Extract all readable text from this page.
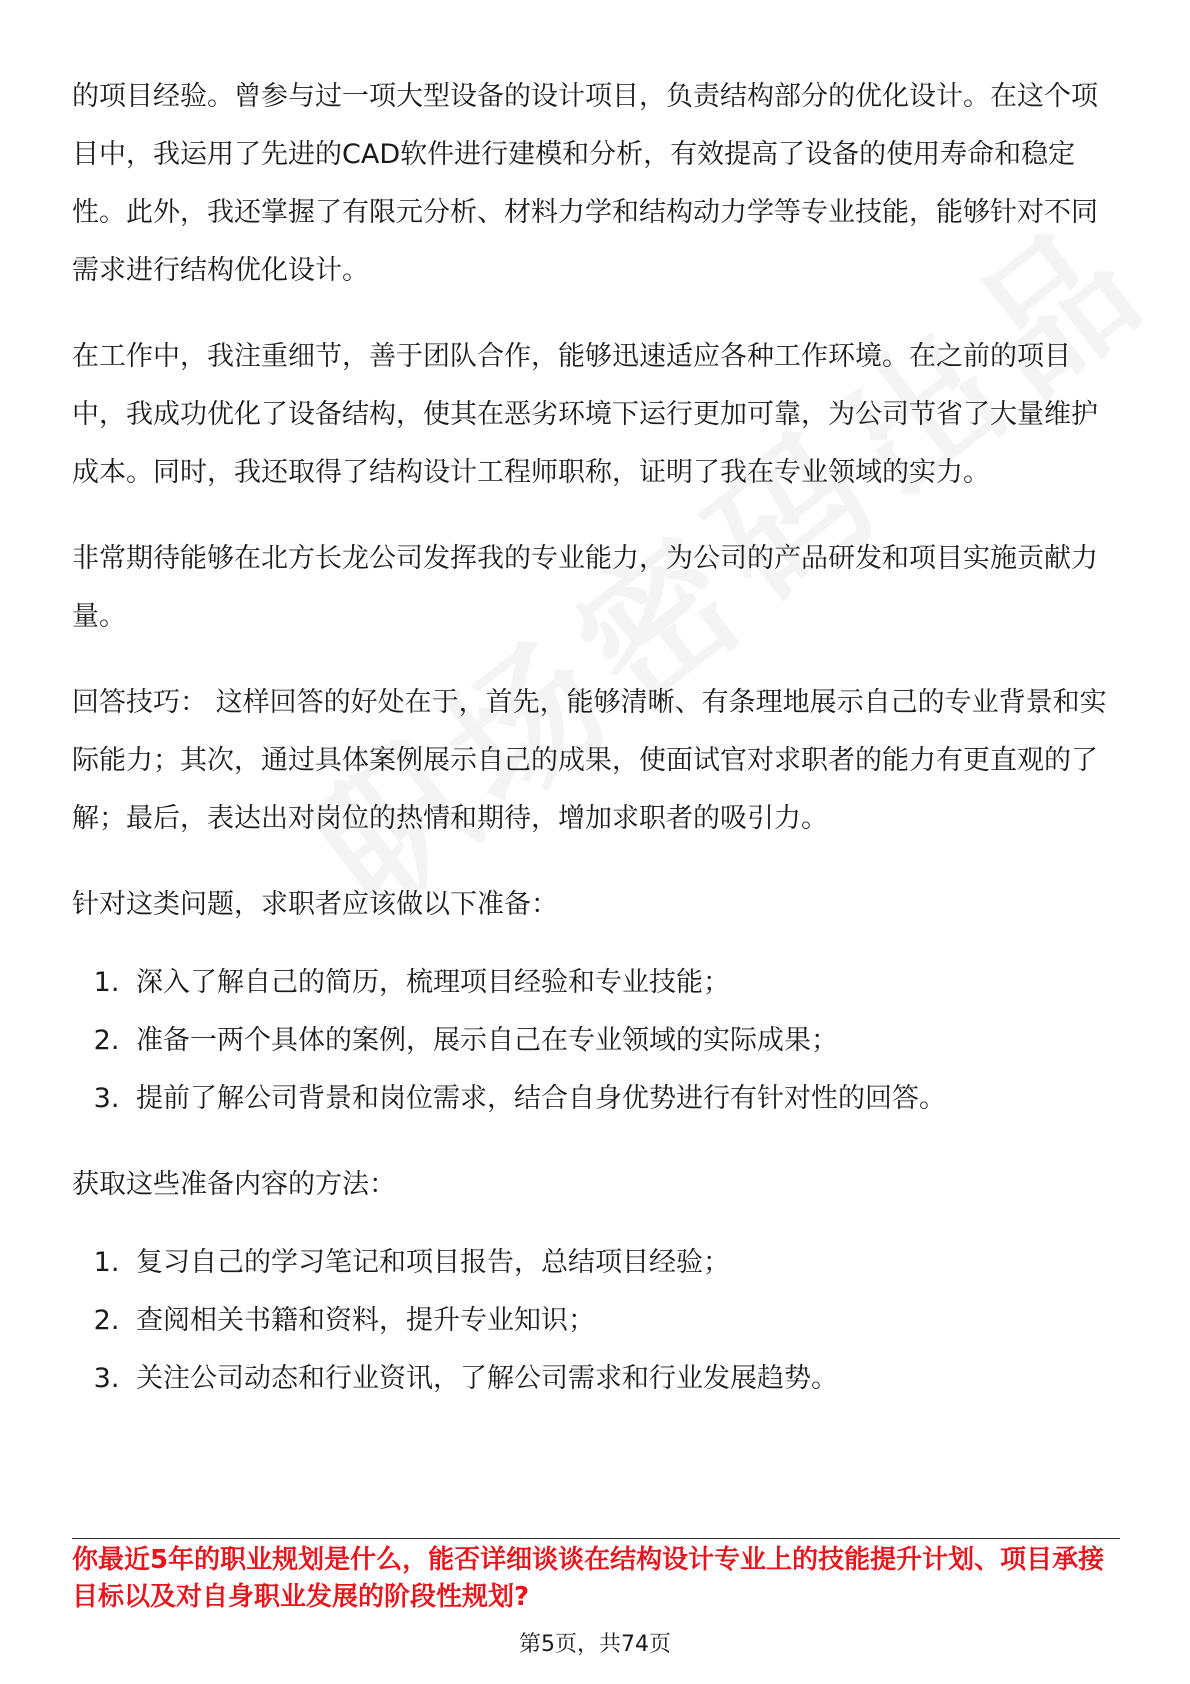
的项目经验。曾参与过一项大型设备的设计项目，负责结构部分的优化设计。在这个项目中，我运用了先进的CAD软件进行建模和分析，有效提高了设备的使用寿命和稳定性。此外，我还掌握了有限元分析、材料力学和结构动力学等专业技能，能够针对不同需求进行结构优化设计。

在工作中，我注重细节，善于团队合作，能够迅速适应各种工作环境。在之前的项目中，我成功优化了设备结构，使其在恶劣环境下运行更加可靠，为公司节省了大量维护成本。同时，我还取得了结构设计工程师职称，证明了我在专业领域的实力。

非常期待能够在北方长龙公司发挥我的专业能力，为公司的产品研发和项目实施贡献力量。

回答技巧： 这样回答的好处在于，首先，能够清晰、有条理地展示自己的专业背景和实际能力；其次，通过具体案例展示自己的成果，使面试官对求职者的能力有更直观的了解；最后，表达出对岗位的热情和期待，增加求职者的吸引力。

针对这类问题，求职者应该做以下准备：

1. 深入了解自己的简历，梳理项目经验和专业技能；
2. 准备一两个具体的案例，展示自己在专业领域的实际成果；
3. 提前了解公司背景和岗位需求，结合自身优势进行有针对性的回答。

获取这些准备内容的方法：

1. 复习自己的学习笔记和项目报告，总结项目经验；
2. 查阅相关书籍和资料，提升专业知识；
3. 关注公司动态和行业资讯，了解公司需求和行业发展趋势。
你最近5年的职业规划是什么，能否详细谈谈在结构设计专业上的技能提升计划、项目承接目标以及对自身职业发展的阶段性规划?
第5页，共74页
